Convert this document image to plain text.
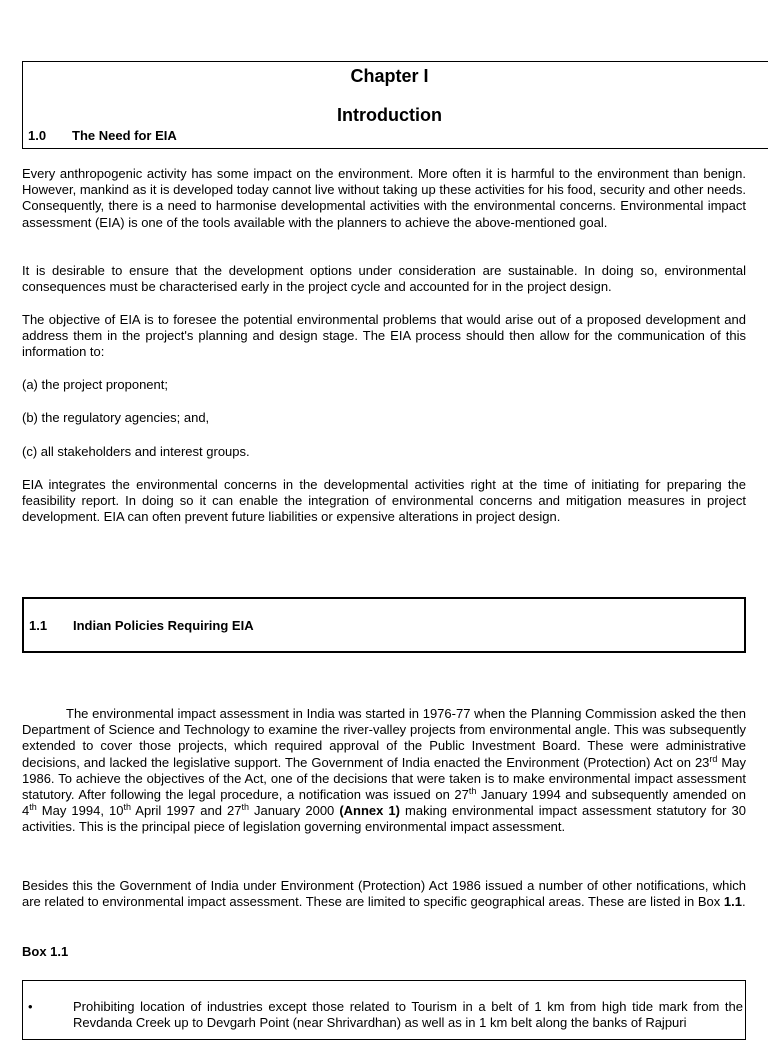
Chapter I
Introduction
1.0 The Need for EIA

Every anthropogenic activity has some impact on the environment. More often it is harmful to the environment than benign. However, mankind as it is developed today cannot live without taking up these activities for his food, security and other needs. Consequently, there is a need to harmonise developmental activities with the environmental concerns. Environmental impact assessment (EIA) is one of the tools available with the planners to achieve the above-mentioned goal.

It is desirable to ensure that the development options under consideration are sustainable. In doing so, environmental consequences must be characterised early in the project cycle and accounted for in the project design.

The objective of EIA is to foresee the potential environmental problems that would arise out of a proposed development and address them in the project's planning and design stage. The EIA process should then allow for the communication of this information to:

(a) the project proponent;

(b) the regulatory agencies; and,

(c) all stakeholders and interest groups.

EIA integrates the environmental concerns in the developmental activities right at the time of initiating for preparing the feasibility report. In doing so it can enable the integration of environmental concerns and mitigation measures in project development. EIA can often prevent future liabilities or expensive alterations in project design.

1.1 Indian Policies Requiring EIA

The environmental impact assessment in India was started in 1976-77 when the Planning Commission asked the then Department of Science and Technology to examine the river-valley projects from environmental angle. This was subsequently extended to cover those projects, which required approval of the Public Investment Board. These were administrative decisions, and lacked the legislative support. The Government of India enacted the Environment (Protection) Act on 23rd May 1986. To achieve the objectives of the Act, one of the decisions that were taken is to make environmental impact assessment statutory. After following the legal procedure, a notification was issued on 27th January 1994 and subsequently amended on 4th May 1994, 10th April 1997 and 27th January 2000 (Annex 1) making environmental impact assessment statutory for 30 activities. This is the principal piece of legislation governing environmental impact assessment.

Besides this the Government of India under Environment (Protection) Act 1986 issued a number of other notifications, which are related to environmental impact assessment. These are limited to specific geographical areas. These are listed in Box 1.1.

Box 1.1
•	Prohibiting location of industries except those related to Tourism in a belt of 1 km from high tide mark from the Revdanda Creek up to Devgarh Point (near Shrivardhan) as well as in 1 km belt along the banks of Rajpuri
